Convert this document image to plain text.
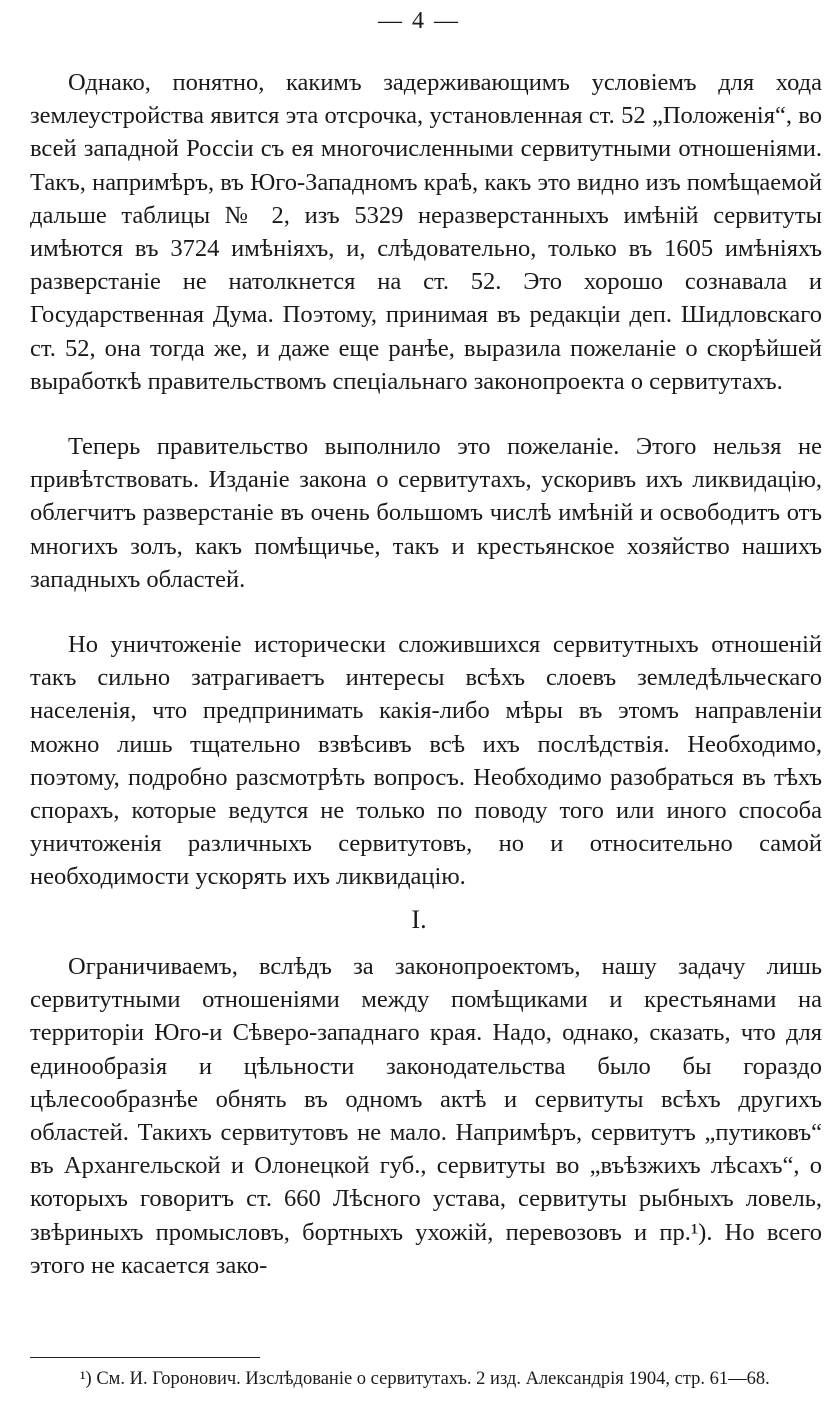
— 4 —

Однако, понятно, какимъ задерживающимъ условіемъ для хода землеустройства явится эта отсрочка, установленная ст. 52 „Положенія“, во всей западной Россіи съ ея многочисленными сервитутными отношеніями. Такъ, напримѣръ, въ Юго-Западномъ краѣ, какъ это видно изъ помѣщаемой дальше таблицы № 2, изъ 5329 неразверстанныхъ имѣній сервитуты имѣются въ 3724 имѣніяхъ, и, слѣдовательно, только въ 1605 имѣніяхъ разверстаніе не натолкнется на ст. 52. Это хорошо сознавала и Государственная Дума. Поэтому, принимая въ редакціи деп. Шидловскаго ст. 52, она тогда же, и даже еще ранѣе, выразила пожеланіе о скорѣйшей выработкѣ правительствомъ спеціальнаго законопроекта о сервитутахъ.

Теперь правительство выполнило это пожеланіе. Этого нельзя не привѣтствовать. Изданіе закона о сервитутахъ, ускоривъ ихъ ликвидацію, облегчитъ разверстаніе въ очень большомъ числѣ имѣній и освободитъ отъ многихъ золъ, какъ помѣщичье, такъ и крестьянское хозяйство нашихъ западныхъ областей.

Но уничтоженіе исторически сложившихся сервитутныхъ отношеній такъ сильно затрагиваетъ интересы всѣхъ слоевъ земледѣльческаго населенія, что предпринимать какія-либо мѣры въ этомъ направленіи можно лишь тщательно взвѣсивъ всѣ ихъ послѣдствія. Необходимо, поэтому, подробно разсмотрѣть вопросъ. Необходимо разобраться въ тѣхъ спорахъ, которые ведутся не только по поводу того или иного способа уничтоженія различныхъ сервитутовъ, но и относительно самой необходимости ускорять ихъ ликвидацію.

I.

Ограничиваемъ, вслѣдъ за законопроектомъ, нашу задачу лишь сервитутными отношеніями между помѣщиками и крестьянами на территоріи Юго-и Сѣверо-западнаго края. Надо, однако, сказать, что для единообразія и цѣльности законодательства было бы гораздо цѣлесообразнѣе обнять въ одномъ актѣ и сервитуты всѣхъ другихъ областей. Такихъ сервитутовъ не мало. Напримѣръ, сервитутъ „путиковъ“ въ Архангельской и Олонецкой губ., сервитуты во „въѣзжихъ лѣсахъ“, о которыхъ говоритъ ст. 660 Лѣсного устава, сервитуты рыбныхъ ловель, звѣриныхъ промысловъ, бортныхъ ухожій, перевозовъ и пр.¹). Но всего этого не касается зако-

¹) См. И. Горонович. Изслѣдованіе о сервитутахъ. 2 изд. Александрія 1904, стр. 61—68.
